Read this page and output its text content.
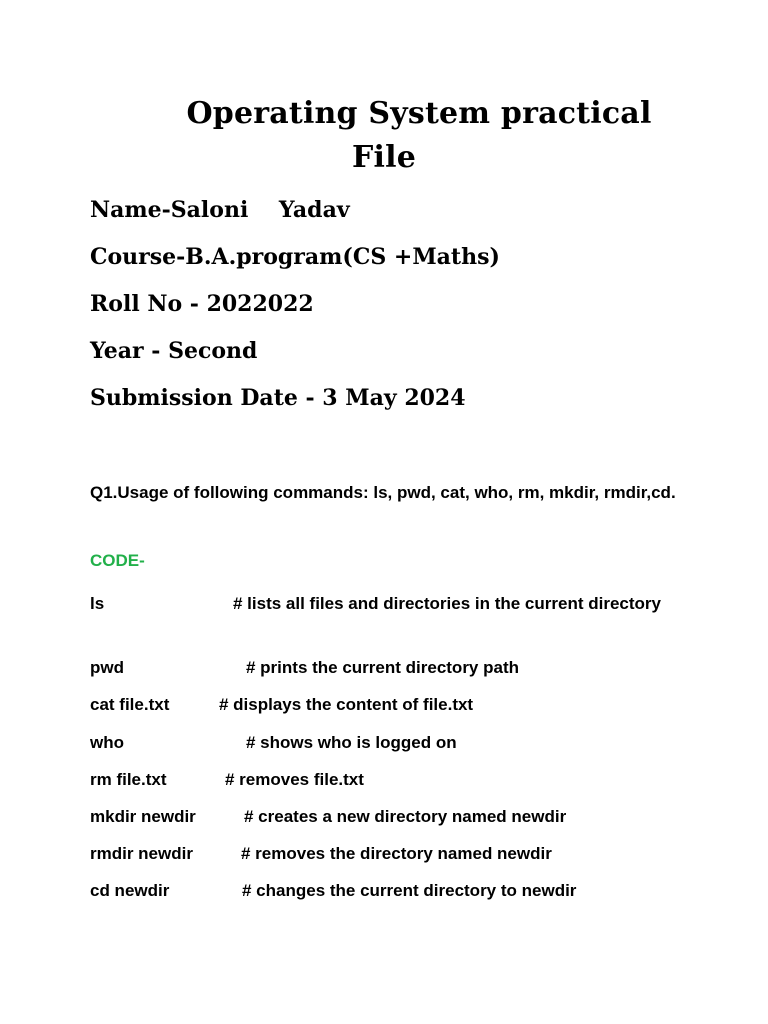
Operating System practical
File
Name-Saloni    Yadav
Course-B.A.program(CS +Maths)
Roll No - 2022022
Year - Second
Submission Date - 3 May 2024
Q1.Usage of following commands: ls, pwd, cat, who, rm, mkdir, rmdir,cd.
CODE-
ls	# lists all files and directories in the current directory
pwd	# prints the current directory path
cat file.txt	# displays the content of file.txt
who	# shows who is logged on
rm file.txt	# removes file.txt
mkdir newdir	# creates a new directory named newdir
rmdir newdir	# removes the directory named newdir
cd newdir	# changes the current directory to newdir
